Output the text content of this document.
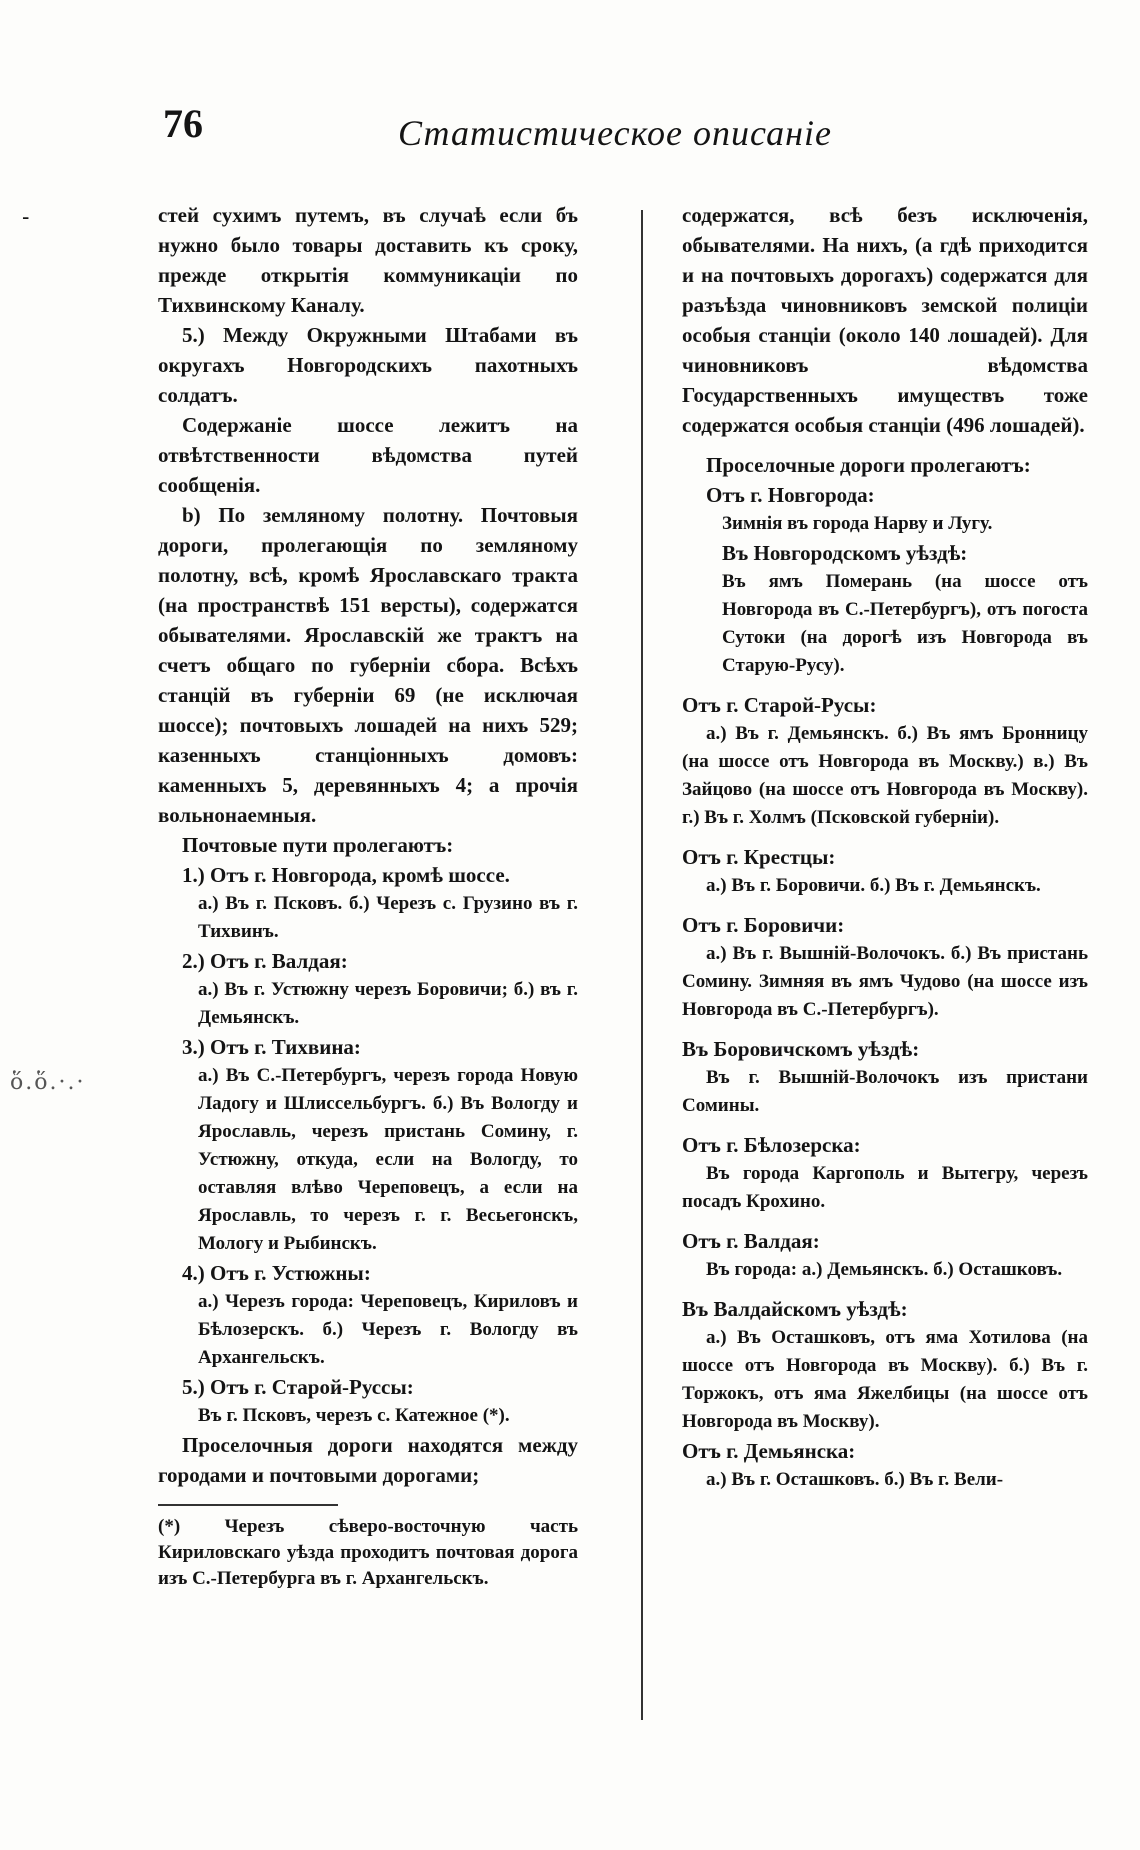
76	Статистическое описаніе
-
ὅ.ὅ.·.·

стей сухимъ путемъ, въ случаѣ если бъ нужно было товары доставить къ сроку, прежде открытія коммуникаціи по Тихвинскому Каналу.

5.) Между Окружными Штабами въ округахъ Новгородскихъ пахотныхъ солдатъ.

Содержаніе шоссе лежитъ на отвѣтственности вѣдомства путей сообщенія.

b) По земляному полотну. Почтовыя дороги, пролегающія по земляному полотну, всѣ, кромѣ Ярославскаго тракта (на пространствѣ 151 версты), содержатся обывателями. Ярославскій же трактъ на счетъ общаго по губерніи сбора. Всѣхъ станцій въ губерніи 69 (не исключая шоссе); почтовыхъ лошадей на нихъ 529; казенныхъ станціонныхъ домовъ: каменныхъ 5, деревянныхъ 4; а прочія вольнонаемныя.

Почтовые пути пролегаютъ:

1.) Отъ г. Новгорода, кромѣ шоссе.

а.) Въ г. Псковъ. б.) Черезъ с. Грузино въ г. Тихвинъ.

2.) Отъ г. Валдая:

а.) Въ г. Устюжну черезъ Боровичи; б.) въ г. Демьянскъ.

3.) Отъ г. Тихвина:

а.) Въ С.-Петербургъ, черезъ города Новую Ладогу и Шлиссельбургъ. б.) Въ Вологду и Ярославль, черезъ пристань Сомину, г. Устюжну, откуда, если на Вологду, то оставляя влѣво Череповецъ, а если на Ярославль, то черезъ г. г. Весьегонскъ, Мологу и Рыбинскъ.

4.) Отъ г. Устюжны:

а.) Черезъ города: Череповецъ, Кириловъ и Бѣлозерскъ. б.) Черезъ г. Вологду въ Архангельскъ.

5.) Отъ г. Старой-Руссы:

Въ г. Псковъ, черезъ с. Катежное (*).

Проселочныя дороги находятся между городами и почтовыми дорогами;

(*) Черезъ сѣверо-восточную часть Кириловскаго уѣзда проходитъ почтовая дорога изъ С.-Петербурга въ г. Архангельскъ.

содержатся, всѣ безъ исключенія, обывателями. На нихъ, (а гдѣ приходится и на почтовыхъ дорогахъ) содержатся для разъѣзда чиновниковъ земской полиціи особыя станціи (около 140 лошадей). Для чиновниковъ вѣдомства Государственныхъ имуществъ тоже содержатся особыя станціи (496 лошадей).

Проселочные дороги пролегаютъ:

Отъ г. Новгорода:

Зимнія въ города Нарву и Лугу.

Въ Новгородскомъ уѣздѣ:

Въ ямъ Померань (на шоссе отъ Новгорода въ С.-Петербургъ), отъ погоста Сутоки (на дорогѣ изъ Новгорода въ Старую-Русу).

Отъ г. Старой-Русы:

а.) Въ г. Демьянскъ. б.) Въ ямъ Бронницу (на шоссе отъ Новгорода въ Москву.) в.) Въ Зайцово (на шоссе отъ Новгорода въ Москву). г.) Въ г. Холмъ (Псковской губерніи).

Отъ г. Крестцы:

а.) Въ г. Боровичи. б.) Въ г. Демьянскъ.

Отъ г. Боровичи:

а.) Въ г. Вышній-Волочокъ. б.) Въ пристань Сомину. Зимняя въ ямъ Чудово (на шоссе изъ Новгорода въ С.-Петербургъ).

Въ Боровичскомъ уѣздѣ:

Въ г. Вышній-Волочокъ изъ пристани Сомины.

Отъ г. Бѣлозерска:

Въ города Каргополь и Вытегру, черезъ посадъ Крохино.

Отъ г. Валдая:

Въ города: а.) Демьянскъ. б.) Осташковъ.

Въ Валдайскомъ уѣздѣ:

а.) Въ Осташковъ, отъ яма Хотилова (на шоссе отъ Новгорода въ Москву). б.) Въ г. Торжокъ, отъ яма Яжелбицы (на шоссе отъ Новгорода въ Москву).

Отъ г. Демьянска:

а.) Въ г. Осташковъ. б.) Въ г. Вели-
